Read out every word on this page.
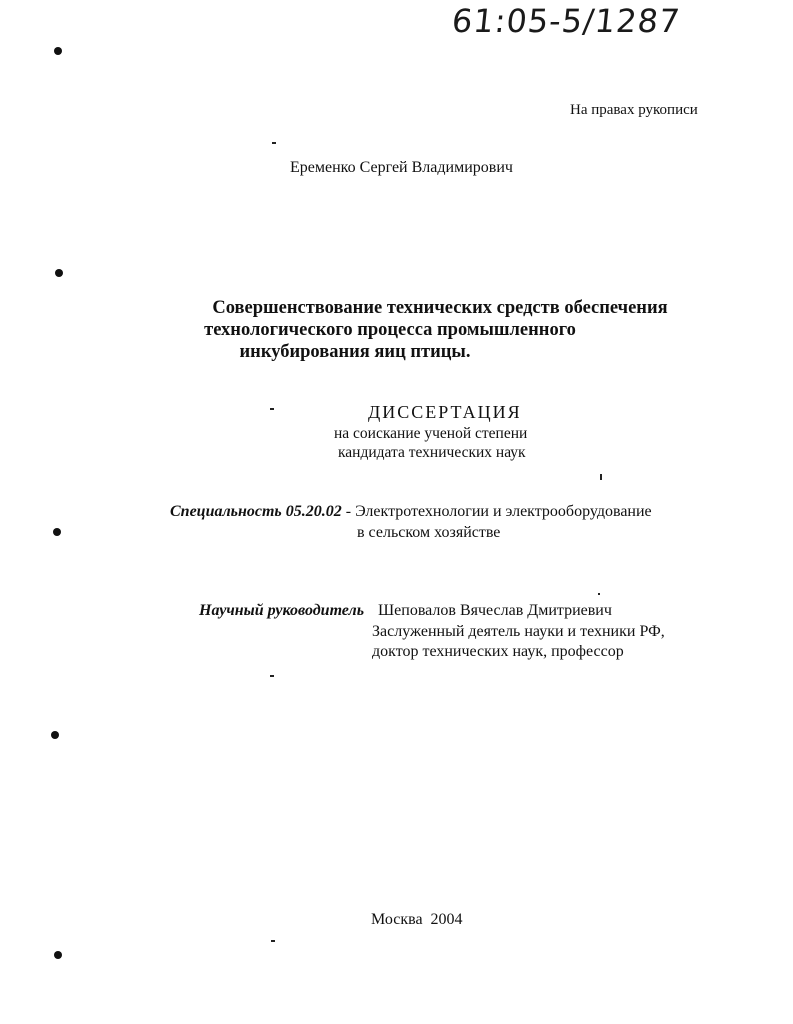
61:05-5/1287
На правах рукописи
Еременко Сергей Владимирович
Совершенствование технических средств обеспечения
технологического процесса промышленного
инкубирования яиц птицы.
ДИССЕРТАЦИЯ
на соискание ученой степени
кандидата технических наук
Специальность 05.20.02 - Электротехнологии и электрооборудование
в сельском хозяйстве
Научный руководитель Шеповалов Вячеслав Дмитриевич
Заслуженный деятель науки и техники РФ,
доктор технических наук, профессор
Москва  2004
